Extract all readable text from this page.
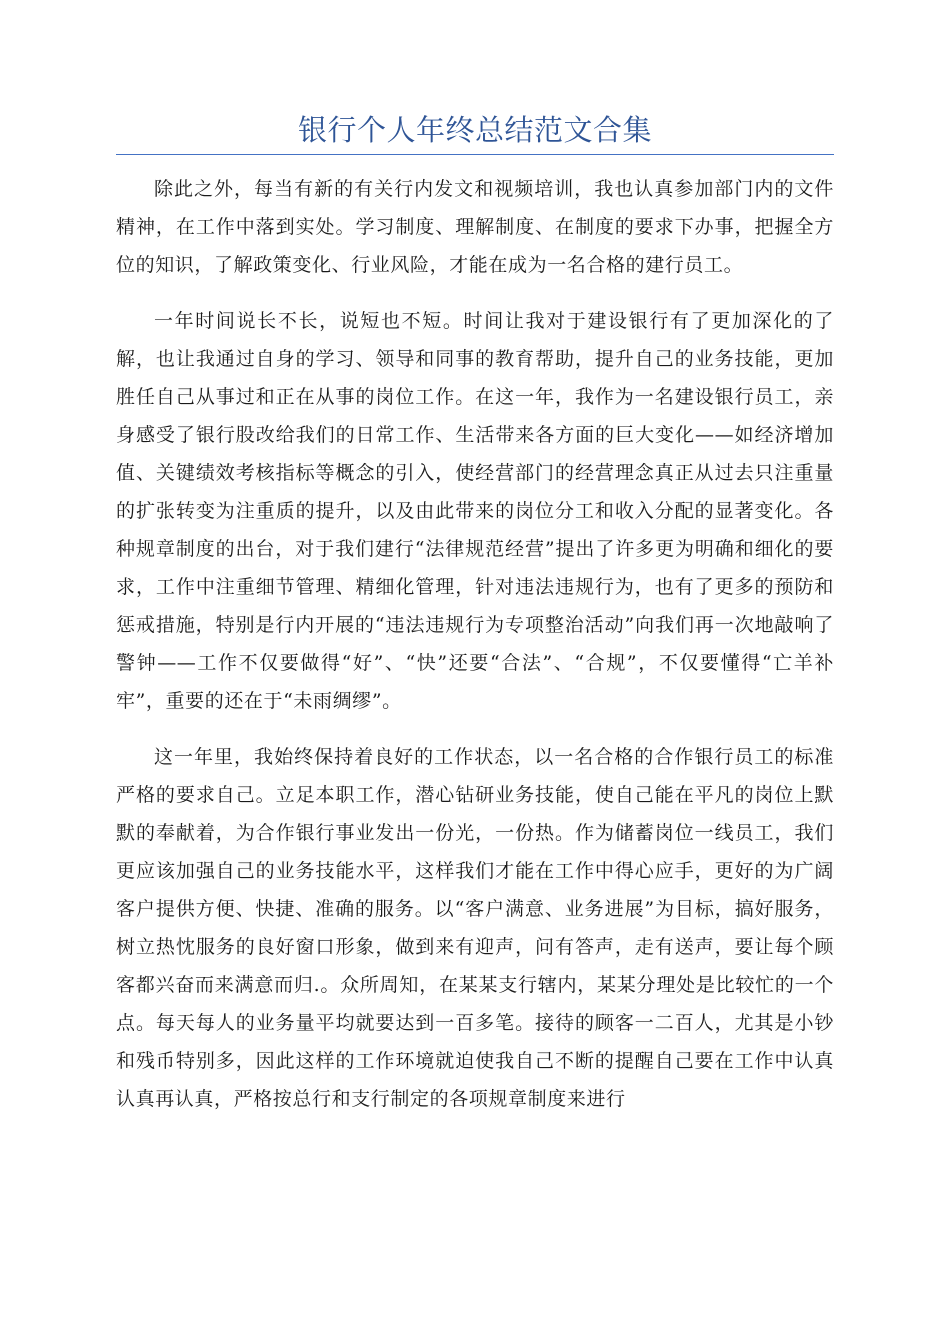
银行个人年终总结范文合集

除此之外，每当有新的有关行内发文和视频培训，我也认真参加部门内的文件精神，在工作中落到实处。学习制度、理解制度、在制度的要求下办事，把握全方位的知识，了解政策变化、行业风险，才能在成为一名合格的建行员工。

一年时间说长不长，说短也不短。时间让我对于建设银行有了更加深化的了解，也让我通过自身的学习、领导和同事的教育帮助，提升自己的业务技能，更加胜任自己从事过和正在从事的岗位工作。在这一年，我作为一名建设银行员工，亲身感受了银行股改给我们的日常工作、生活带来各方面的巨大变化——如经济增加值、关键绩效考核指标等概念的引入，使经营部门的经营理念真正从过去只注重量的扩张转变为注重质的提升，以及由此带来的岗位分工和收入分配的显著变化。各种规章制度的出台，对于我们建行“法律规范经营”提出了许多更为明确和细化的要求，工作中注重细节管理、精细化管理，针对违法违规行为，也有了更多的预防和惩戒措施，特别是行内开展的“违法违规行为专项整治活动”向我们再一次地敲响了警钟——工作不仅要做得“好”、“快”还要“合法”、“合规”，不仅要懂得“亡羊补牢”，重要的还在于“未雨绸缪”。

这一年里，我始终保持着良好的工作状态，以一名合格的合作银行员工的标准严格的要求自己。立足本职工作，潜心钻研业务技能，使自己能在平凡的岗位上默默的奉献着，为合作银行事业发出一份光，一份热。作为储蓄岗位一线员工，我们更应该加强自己的业务技能水平，这样我们才能在工作中得心应手，更好的为广阔客户提供方便、快捷、准确的服务。以“客户满意、业务进展”为目标，搞好服务，树立热忱服务的良好窗口形象，做到来有迎声，问有答声，走有送声，要让每个顾客都兴奋而来满意而归.。众所周知，在某某支行辖内，某某分理处是比较忙的一个点。每天每人的业务量平均就要达到一百多笔。接待的顾客一二百人，尤其是小钞和残币特别多，因此这样的工作环境就迫使我自己不断的提醒自己要在工作中认真认真再认真，严格按总行和支行制定的各项规章制度来进行
